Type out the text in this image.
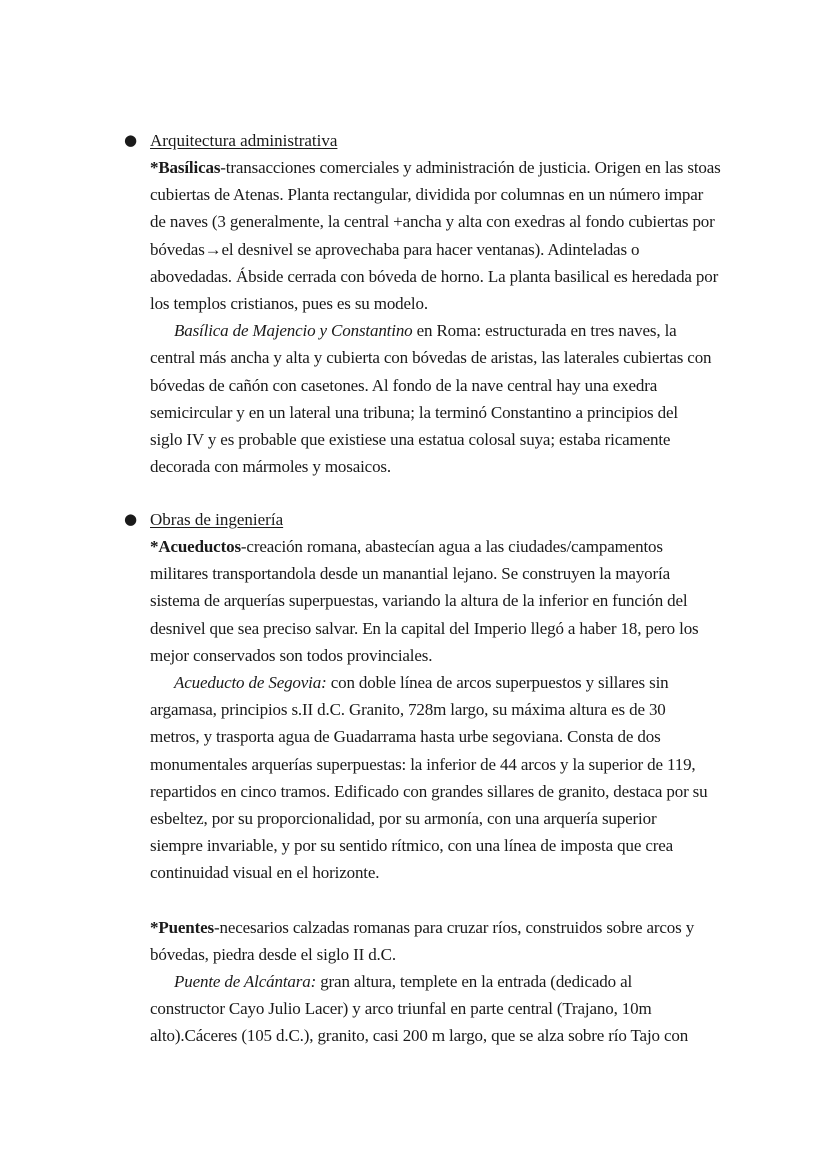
● Arquitectura administrativa

*Basílicas-transacciones comerciales y administración de justicia. Origen en las stoas
cubiertas de Atenas. Planta rectangular, dividida por columnas en un número impar
de naves (3 generalmente, la central +ancha y alta con exedras al fondo cubiertas por
bóvedas→el desnivel se aprovechaba para hacer ventanas). Adinteladas o
abovedadas. Ábside cerrada con bóveda de horno. La planta basilical es heredada por
los templos cristianos, pues es su modelo.

Basílica de Majencio y Constantino en Roma: estructurada en tres naves, la
central más ancha y alta y cubierta con bóvedas de aristas, las laterales cubiertas con
bóvedas de cañón con casetones. Al fondo de la nave central hay una exedra
semicircular y en un lateral una tribuna; la terminó Constantino a principios del
siglo IV y es probable que existiese una estatua colosal suya; estaba ricamente
decorada con mármoles y mosaicos.

● Obras de ingeniería

*Acueductos-creación romana, abastecían agua a las ciudades/campamentos
militares transportandola desde un manantial lejano. Se construyen la mayoría
sistema de arquerías superpuestas, variando la altura de la inferior en función del
desnivel que sea preciso salvar. En la capital del Imperio llegó a haber 18, pero los
mejor conservados son todos provinciales.

Acueducto de Segovia: con doble línea de arcos superpuestos y sillares sin
argamasa, principios s.II d.C. Granito, 728m largo, su máxima altura es de 30
metros, y trasporta agua de Guadarrama hasta urbe segoviana. Consta de dos
monumentales arquerías superpuestas: la inferior de 44 arcos y la superior de 119,
repartidos en cinco tramos. Edificado con grandes sillares de granito, destaca por su
esbeltez, por su proporcionalidad, por su armonía, con una arquería superior
siempre invariable, y por su sentido rítmico, con una línea de imposta que crea
continuidad visual en el horizonte.

*Puentes-necesarios calzadas romanas para cruzar ríos, construidos sobre arcos y
bóvedas, piedra desde el siglo II d.C.

Puente de Alcántara: gran altura, templete en la entrada (dedicado al
constructor Cayo Julio Lacer) y arco triunfal en parte central (Trajano, 10m
alto).Cáceres (105 d.C.), granito, casi 200 m largo, que se alza sobre río Tajo con
